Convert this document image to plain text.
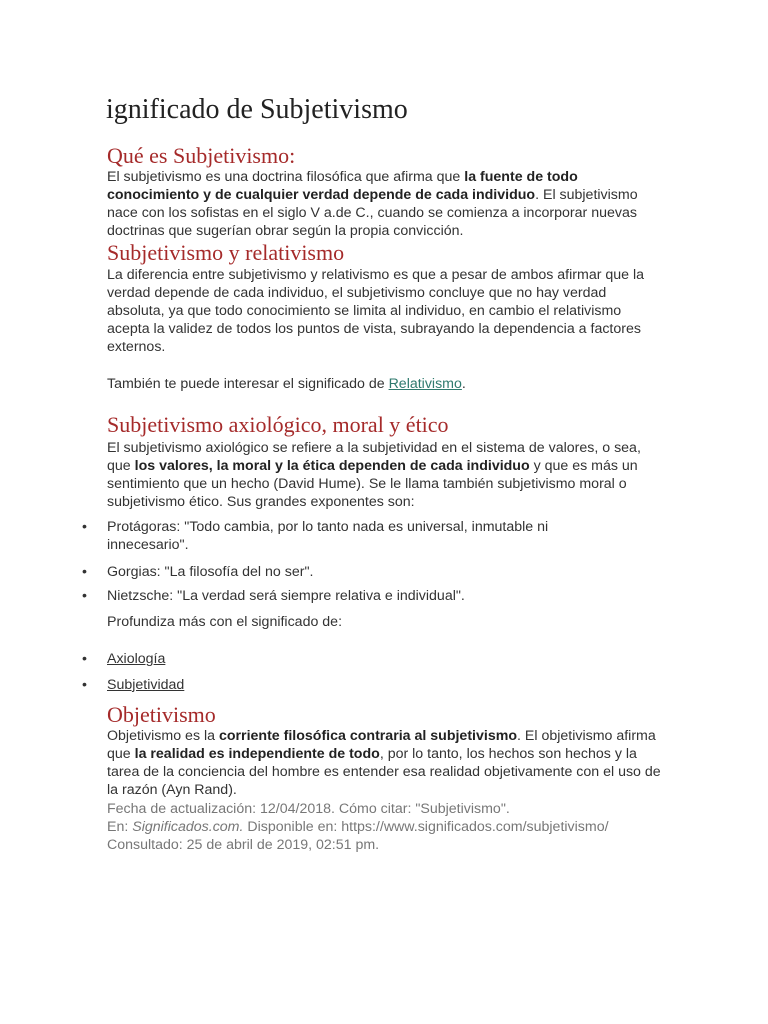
ignificado de Subjetivismo
Qué es Subjetivismo:

El subjetivismo es una doctrina filosófica que afirma que la fuente de todo conocimiento y de cualquier verdad depende de cada individuo. El subjetivismo nace con los sofistas en el siglo V a.de C., cuando se comienza a incorporar nuevas doctrinas que sugerían obrar según la propia convicción.

Subjetivismo y relativismo

La diferencia entre subjetivismo y relativismo es que a pesar de ambos afirmar que la verdad depende de cada individuo, el subjetivismo concluye que no hay verdad absoluta, ya que todo conocimiento se limita al individuo, en cambio el relativismo acepta la validez de todos los puntos de vista, subrayando la dependencia a factores externos.

También te puede interesar el significado de Relativismo.

Subjetivismo axiológico, moral y ético

El subjetivismo axiológico se refiere a la subjetividad en el sistema de valores, o sea, que los valores, la moral y la ética dependen de cada individuo y que es más un sentimiento que un hecho (David Hume). Se le llama también subjetivismo moral o subjetivismo ético. Sus grandes exponentes son:

• Protágoras: "Todo cambia, por lo tanto nada es universal, inmutable ni innecesario".
• Gorgias: "La filosofía del no ser".
• Nietzsche: "La verdad será siempre relativa e individual".

Profundiza más con el significado de:

• Axiología
• Subjetividad
Objetivismo

Objetivismo es la corriente filosófica contraria al subjetivismo. El objetivismo afirma que la realidad es independiente de todo, por lo tanto, los hechos son hechos y la tarea de la conciencia del hombre es entender esa realidad objetivamente con el uso de la razón (Ayn Rand).

Fecha de actualización: 12/04/2018. Cómo citar: "Subjetivismo".
En: Significados.com. Disponible en: https://www.significados.com/subjetivismo/
Consultado: 25 de abril de 2019, 02:51 pm.
